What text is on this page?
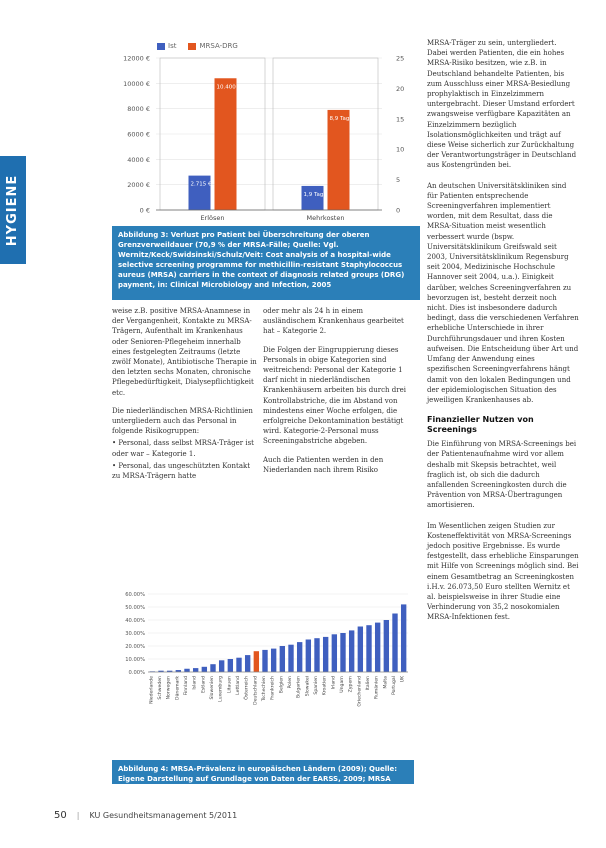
HYGIENE
Ist	MRSA-DRG
0 €
2000 €
4000 €
6000 €
8000 €
10000 €
12000 €
0
5
10
15
20
25
2.715 €
10.400 €
Erlösen
1,9 Tage
8,9 Tage
Mehrkosten
Abbildung 3: Verlust pro Patient bei Überschreitung der oberen Grenzverweildauer (70,9 % der MRSA-Fälle; Quelle: Vgl. Wernitz/Keck/Swidsinski/Schulz/Veit: Cost analysis of a hospital-wide selective screening programme for methicillin-resistant Staphylococcus aureus (MRSA) carriers in the context of diagnosis related groups (DRG) payment, in: Clinical Microbiology and Infection, 2005

weise z.B. positive MRSA-Anamnese in der Vergangenheit, Kontakte zu MRSA-Trägern, Aufenthalt im Krankenhaus oder Senioren-Pflegeheim innerhalb eines festgelegten Zeitraums (letzte zwölf Monate), Antibiotische Therapie in den letzten sechs Monaten, chronische Pflegebedürftigkeit, Dialysepflichtigkeit etc.

Die niederländischen MRSA-Richtlinien untergliedern auch das Personal in folgende Risikogruppen:

• Personal, dass selbst MRSA-Träger ist oder war – Kategorie 1.

• Personal, das ungeschützten Kontakt zu MRSA-Trägern hatte

oder mehr als 24 h in einem ausländischem Krankenhaus gearbeitet hat – Kategorie 2.

Die Folgen der Eingruppierung dieses Personals in obige Kategorien sind weitreichend: Personal der Kategorie 1 darf nicht in niederländischen Krankenhäusern arbeiten bis durch drei Kontrollabstriche, die im Abstand von mindestens einer Woche erfolgen, die erfolgreiche Dekontamination bestätigt wird. Kategorie-2-Personal muss Screeningabstriche abgeben.

Auch die Patienten werden in den Niederlanden nach ihrem Risiko

MRSA-Träger zu sein, untergliedert. Dabei werden Patienten, die ein hohes MRSA-Risiko besitzen, wie z.B. in Deutschland behandelte Patienten, bis zum Ausschluss einer MRSA-Besiedlung prophylaktisch in Einzelzimmern untergebracht. Dieser Umstand erfordert zwangsweise verfügbare Kapazitäten an Einzelzimmern bezüglich Isolationsmöglichkeiten und trägt auf diese Weise sicherlich zur Zurückhaltung der Verantwortungsträger in Deutschland aus Kostengründen bei.

An deutschen Universitätskliniken sind für Patienten entsprechende Screeningverfahren implementiert worden, mit dem Resultat, dass die MRSA-Situation meist wesentlich verbessert wurde (bspw. Universitätsklinikum Greifswald seit 2003, Universitätsklinikum Regensburg seit 2004, Medizinische Hochschule Hannover seit 2004, u.a.). Einigkeit darüber, welches Screeningverfahren zu bevorzugen ist, besteht derzeit noch nicht. Dies ist insbesondere dadurch bedingt, dass die verschiedenen Verfahren erhebliche Unterschiede in ihrer Durchführungsdauer und ihren Kosten aufweisen. Die Entscheidung über Art und Umfang der Anwendung eines spezifischen Screeningverfahrens hängt damit von den lokalen Bedingungen und der epidemiologischen Situation des jeweiligen Krankenhauses ab.

Finanzieller Nutzen von Screenings

Die Einführung von MRSA-Screenings bei der Patientenaufnahme wird vor allem deshalb mit Skepsis betrachtet, weil fraglich ist, ob sich die dadurch anfallenden Screeningkosten durch die Prävention von MRSA-Übertragungen amortisieren.

Im Wesentlichen zeigen Studien zur Kosteneffektivität von MRSA-Screenings jedoch positive Ergebnisse. Es wurde festgestellt, dass erhebliche Einsparungen mit Hilfe von Screenings möglich sind. Bei einem Gesamtbetrag an Screeningkosten i.H.v. 26.073,50 Euro stellten Wernitz et al. beispielsweise in ihrer Studie eine Verhinderung von 35,2 nosokomialen MRSA-Infektionen fest.

0.00%
10.00%
20.00%
30.00%
40.00%
50.00%
60.00%
Niederlande Schweden Norwegen Dänemark Finnland Island Estland Slowenien Luxemburg Litauen Lettland Österreich Deutschland Tschechien Frankreich Belgien Polen Bulgarien Slowakei Spanien Kroatien Irland Ungarn Zypern Griechenland Italien Rumänien Malta Portugal UK
Abbildung 4: MRSA-Prävalenz in europäischen Ländern (2009); Quelle: Eigene Darstellung auf Grundlage von Daten der EARSS, 2009; MRSA
50 | KU Gesundheitsmanagement 5/2011
